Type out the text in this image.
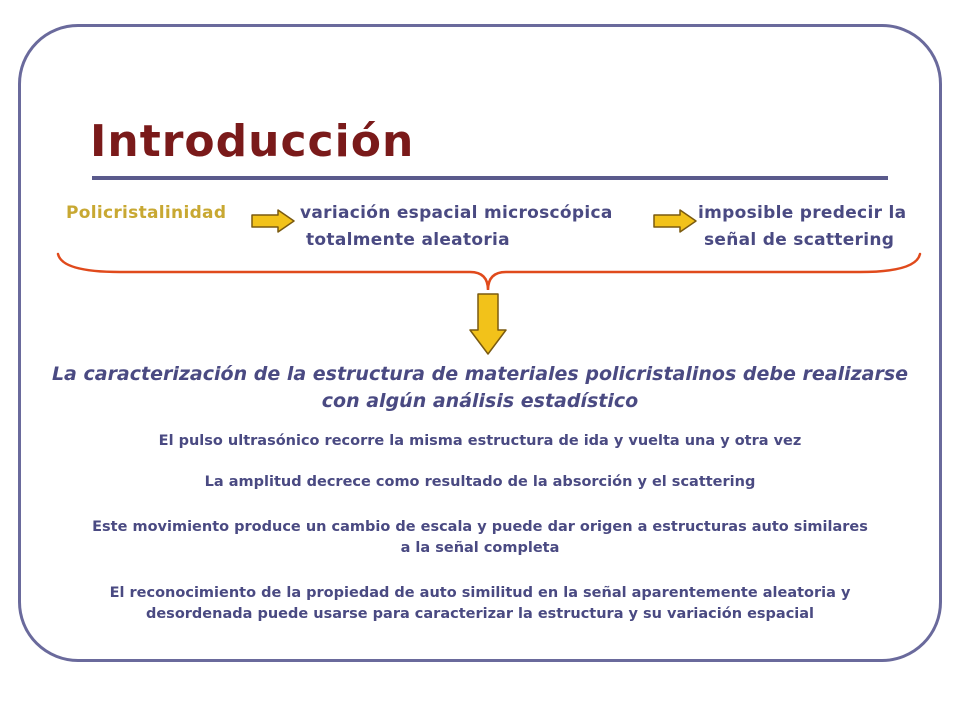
Introducción
Policristalinidad	variación espacial microscópica
totalmente aleatoria
imposible predecir la
señal de scattering
La caracterización de la estructura de materiales policristalinos debe realizarse
con algún análisis estadístico
El pulso ultrasónico recorre la misma estructura de ida y vuelta una y otra vez
La amplitud decrece como resultado de la absorción y el scattering
Este movimiento produce un cambio de escala y puede dar origen a estructuras auto similares
a la señal completa
El reconocimiento de la propiedad de auto similitud en la señal aparentemente aleatoria y
desordenada puede usarse para caracterizar la estructura y su variación espacial
